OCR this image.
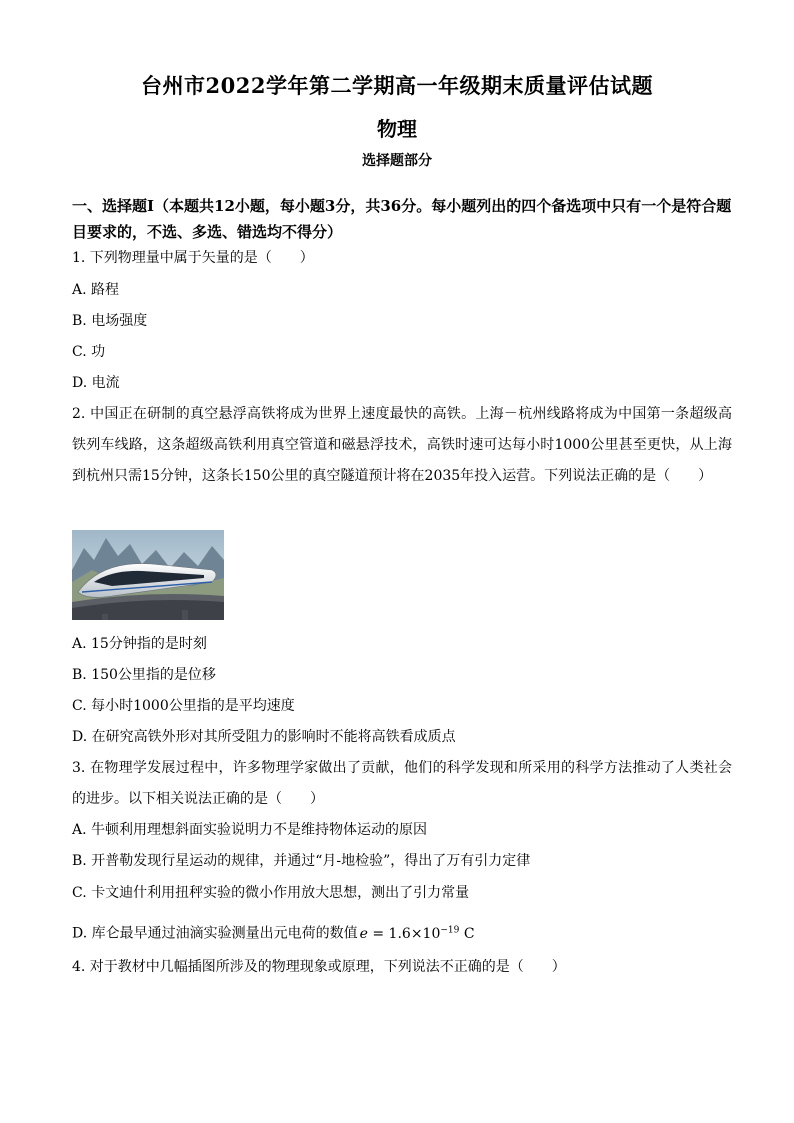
台州市2022学年第二学期高一年级期末质量评估试题
物理
选择题部分
一、选择题Ⅰ（本题共12小题，每小题3分，共36分。每小题列出的四个备选项中只有一个是符合题目要求的，不选、多选、错选均不得分）
1. 下列物理量中属于矢量的是（　　）
A. 路程
B. 电场强度
C. 功
D. 电流
2. 中国正在研制的真空悬浮高铁将成为世界上速度最快的高铁。上海－杭州线路将成为中国第一条超级高铁列车线路，这条超级高铁利用真空管道和磁悬浮技术，高铁时速可达每小时1000公里甚至更快，从上海到杭州只需15分钟，这条长150公里的真空隧道预计将在2035年投入运营。下列说法正确的是（　　）
A. 15分钟指的是时刻
B. 150公里指的是位移
C. 每小时1000公里指的是平均速度
D. 在研究高铁外形对其所受阻力的影响时不能将高铁看成质点
3. 在物理学发展过程中，许多物理学家做出了贡献，他们的科学发现和所采用的科学方法推动了人类社会的进步。以下相关说法正确的是（　　）
A. 牛顿利用理想斜面实验说明力不是维持物体运动的原因
B. 开普勒发现行星运动的规律，并通过“月-地检验”，得出了万有引力定律
C. 卡文迪什利用扭秤实验的微小作用放大思想，测出了引力常量
D. 库仑最早通过油滴实验测量出元电荷的数值 $e = 1.6\times 10^{-19}$ C
4. 对于教材中几幅插图所涉及的物理现象或原理，下列说法不正确的是（　　）
